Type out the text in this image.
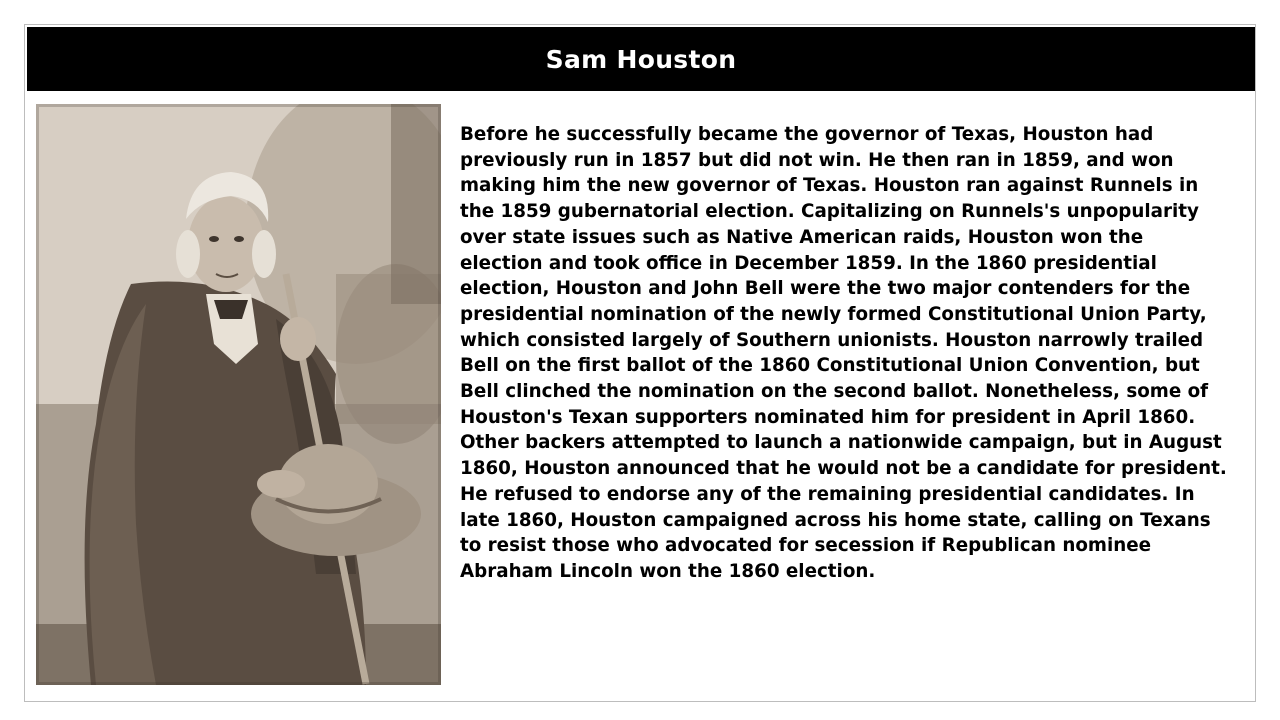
Sam Houston

Before he successfully became the governor of Texas, Houston had previously run in 1857 but did not win. He then ran in 1859, and won making him the new governor of Texas. Houston ran against Runnels in the 1859 gubernatorial election. Capitalizing on Runnels's unpopularity over state issues such as Native American raids, Houston won the election and took office in December 1859. In the 1860 presidential election, Houston and John Bell were the two major contenders for the presidential nomination of the newly formed Constitutional Union Party, which consisted largely of Southern unionists. Houston narrowly trailed Bell on the first ballot of the 1860 Constitutional Union Convention, but Bell clinched the nomination on the second ballot. Nonetheless, some of Houston's Texan supporters nominated him for president in April 1860. Other backers attempted to launch a nationwide campaign, but in August 1860, Houston announced that he would not be a candidate for president. He refused to endorse any of the remaining presidential candidates. In late 1860, Houston campaigned across his home state, calling on Texans to resist those who advocated for secession if Republican nominee Abraham Lincoln won the 1860 election.
